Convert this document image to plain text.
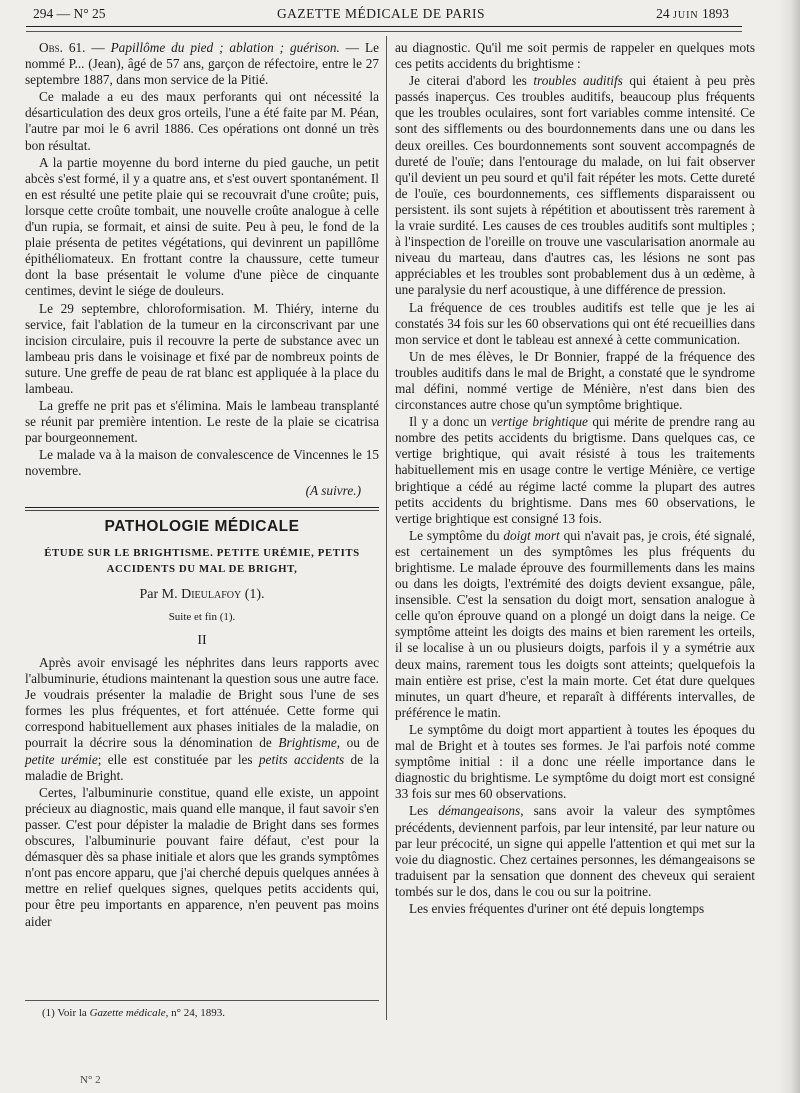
294 — N° 25	GAZETTE MÉDICALE DE PARIS	24 JUIN 1893

Obs. 61. — Papillôme du pied ; ablation ; guérison. — Le nommé P... (Jean), âgé de 57 ans, garçon de réfectoire, entre le 27 septembre 1887, dans mon service de la Pitié.

Ce malade a eu des maux perforants qui ont nécessité la désarticulation des deux gros orteils, l'une a été faite par M. Péan, l'autre par moi le 6 avril 1886. Ces opérations ont donné un très bon résultat.

A la partie moyenne du bord interne du pied gauche, un petit abcès s'est formé, il y a quatre ans, et s'est ouvert spontanément. Il en est résulté une petite plaie qui se recouvrait d'une croûte; puis, lorsque cette croûte tombait, une nouvelle croûte analogue à celle d'un rupia, se formait, et ainsi de suite. Peu à peu, le fond de la plaie présenta de petites végétations, qui devinrent un papillôme épithéliomateux. En frottant contre la chaussure, cette tumeur dont la base présentait le volume d'une pièce de cinquante centimes, devint le siége de douleurs.

Le 29 septembre, chloroformisation. M. Thiéry, interne du service, fait l'ablation de la tumeur en la circonscrivant par une incision circulaire, puis il recouvre la perte de substance avec un lambeau pris dans le voisinage et fixé par de nombreux points de suture. Une greffe de peau de rat blanc est appliquée à la place du lambeau.

La greffe ne prit pas et s'élimina. Mais le lambeau transplanté se réunit par première intention. Le reste de la plaie se cicatrisa par bourgeonnement.

Le malade va à la maison de convalescence de Vincennes le 15 novembre.

(A suivre.)

PATHOLOGIE MÉDICALE
ÉTUDE SUR LE BRIGHTISME. PETITE URÉMIE, PETITS ACCIDENTS DU MAL DE BRIGHT,
Par M. Dieulafoy (1).
Suite et fin (1).
II

Après avoir envisagé les néphrites dans leurs rapports avec l'albuminurie, étudions maintenant la question sous une autre face. Je voudrais présenter la maladie de Bright sous l'une de ses formes les plus fréquentes, et fort atténuée. Cette forme qui correspond habituellement aux phases initiales de la maladie, on pourrait la décrire sous la dénomination de Brightisme, ou de petite urémie; elle est constituée par les petits accidents de la maladie de Bright.

Certes, l'albuminurie constitue, quand elle existe, un appoint précieux au diagnostic, mais quand elle manque, il faut savoir s'en passer. C'est pour dépister la maladie de Bright dans ses formes obscures, l'albuminurie pouvant faire défaut, c'est pour la démasquer dès sa phase initiale et alors que les grands symptômes n'ont pas encore apparu, que j'ai cherché depuis quelques années à mettre en relief quelques signes, quelques petits accidents qui, pour être peu importants en apparence, n'en peuvent pas moins aider

(1) Voir la Gazette médicale, n° 24, 1893.
N° 2

au diagnostic. Qu'il me soit permis de rappeler en quelques mots ces petits accidents du brightisme :

Je citerai d'abord les troubles auditifs qui étaient à peu près passés inaperçus. Ces troubles auditifs, beaucoup plus fréquents que les troubles oculaires, sont fort variables comme intensité. Ce sont des sifflements ou des bourdonnements dans une ou dans les deux oreilles. Ces bourdonnements sont souvent accompagnés de dureté de l'ouïe; dans l'entourage du malade, on lui fait observer qu'il devient un peu sourd et qu'il fait répéter les mots. Cette dureté de l'ouïe, ces bourdonnements, ces sifflements disparaissent ou persistent. ils sont sujets à répétition et aboutissent très rarement à la vraie surdité. Les causes de ces troubles auditifs sont multiples ; à l'inspection de l'oreille on trouve une vascularisation anormale au niveau du marteau, dans d'autres cas, les lésions ne sont pas appréciables et les troubles sont probablement dus à un œdème, à une paralysie du nerf acoustique, à une différence de pression.

La fréquence de ces troubles auditifs est telle que je les ai constatés 34 fois sur les 60 observations qui ont été recueillies dans mon service et dont le tableau est annexé à cette communication.

Un de mes élèves, le Dr Bonnier, frappé de la fréquence des troubles auditifs dans le mal de Bright, a constaté que le syndrome mal défini, nommé vertige de Ménière, n'est dans bien des circonstances autre chose qu'un symptôme brightique.

Il y a donc un vertige brightique qui mérite de prendre rang au nombre des petits accidents du brigtisme. Dans quelques cas, ce vertige brightique, qui avait résisté à tous les traitements habituellement mis en usage contre le vertige Ménière, ce vertige brightique a cédé au régime lacté comme la plupart des autres petits accidents du brightisme. Dans mes 60 observations, le vertige brightique est consigné 13 fois.

Le symptôme du doigt mort qui n'avait pas, je crois, été signalé, est certainement un des symptômes les plus fréquents du brightisme. Le malade éprouve des fourmillements dans les mains ou dans les doigts, l'extrémité des doigts devient exsangue, pâle, insensible. C'est la sensation du doigt mort, sensation analogue à celle qu'on éprouve quand on a plongé un doigt dans la neige. Ce symptôme atteint les doigts des mains et bien rarement les orteils, il se localise à un ou plusieurs doigts, parfois il y a symétrie aux deux mains, rarement tous les doigts sont atteints; quelquefois la main entière est prise, c'est la main morte. Cet état dure quelques minutes, un quart d'heure, et reparaît à différents intervalles, de préférence le matin.

Le symptôme du doigt mort appartient à toutes les époques du mal de Bright et à toutes ses formes. Je l'ai parfois noté comme symptôme initial : il a donc une réelle importance dans le diagnostic du brightisme. Le symptôme du doigt mort est consigné 33 fois sur mes 60 observations.

Les démangeaisons, sans avoir la valeur des symptômes précédents, deviennent parfois, par leur intensité, par leur nature ou par leur précocité, un signe qui appelle l'attention et qui met sur la voie du diagnostic. Chez certaines personnes, les démangeaisons se traduisent par la sensation que donnent des cheveux qui seraient tombés sur le dos, dans le cou ou sur la poitrine.

Les envies fréquentes d'uriner ont été depuis longtemps
